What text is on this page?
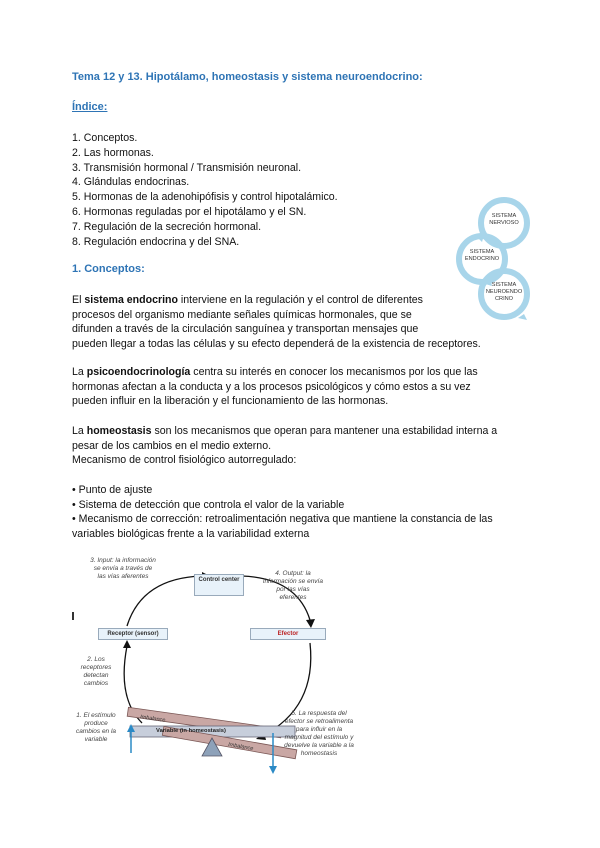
Tema 12 y 13. Hipotálamo, homeostasis y sistema neuroendocrino:
Índice:
1. Conceptos.
2. Las hormonas.
3. Transmisión hormonal / Transmisión neuronal.
4. Glándulas endocrinas.
5. Hormonas de la adenohipófisis y control hipotalámico.
6. Hormonas reguladas por el hipotálamo y el SN.
7. Regulación de la secreción hormonal.
8. Regulación endocrina y del SNA.
SISTEMA NERVIOSO
SISTEMA ENDOCRINO
SISTEMA NEUROENDO CRINO
1. Conceptos:
El sistema endocrino interviene en la regulación y el control de diferentes
procesos del organismo mediante señales químicas hormonales, que se
difunden a través de la circulación sanguínea y transportan mensajes que
pueden llegar a todas las células y su efecto dependerá de la existencia de receptores.
La psicoendocrinología centra su interés en conocer los mecanismos por los que las
hormonas afectan a la conducta y a los procesos psicológicos y cómo estos a su vez
pueden influir en la liberación y el funcionamiento de las hormonas.
La homeostasis son los mecanismos que operan para mantener una estabilidad interna a
pesar de los cambios en el medio externo.
Mecanismo de control fisiológico autorregulado:
• Punto de ajuste
• Sistema de detección que controla el valor de la variable
• Mecanismo de corrección: retroalimentación negativa que mantiene la constancia de las
variables biológicas frente a la variabilidad externa
Control center
Receptor (sensor)	Efector
Variable (in homeostasis)
Imbalance
Imbalance
3. Input: la información se envía a través de las vías aferentes	4. Output: la información se envía por las vías eferentes
2. Los receptores detectan cambios
1. El estímulo produce cambios en la variable
5. La respuesta del efector se retroalimenta para influir en la magnitud del estímulo y devuelve la variable a la homeostasis
